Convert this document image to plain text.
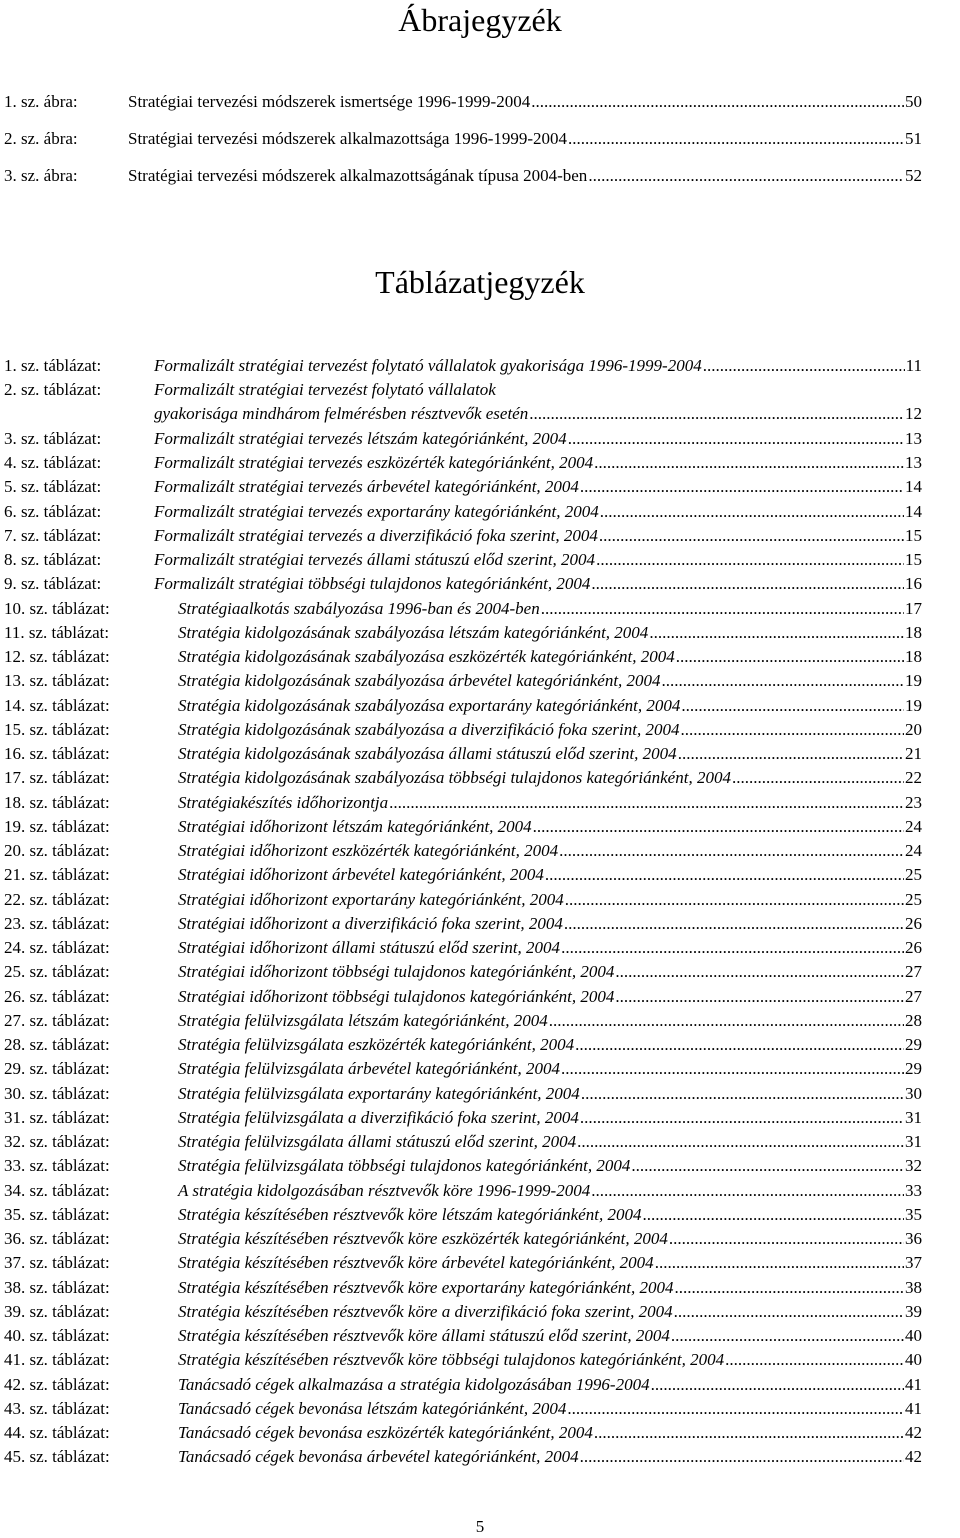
Ábrajegyzék
1. sz. ábra:	Stratégiai tervezési módszerek ismertsége 1996-1999-2004 .....	50
2. sz. ábra:	Stratégiai tervezési módszerek alkalmazottsága 1996-1999-2004 .....	51
3. sz. ábra:	Stratégiai tervezési módszerek alkalmazottságának típusa 2004-ben .....	52
Táblázatjegyzék
1. sz. táblázat:	Formalizált stratégiai tervezést folytató vállalatok gyakorisága 1996-1999-2004 .....	11
2. sz. táblázat:	Formalizált stratégiai tervezést folytató vállalatok
gyakorisága mindhárom felmérésben résztvevők esetén .....	12
3. sz. táblázat:	Formalizált stratégiai tervezés létszám kategóriánként, 2004 .....	13
4. sz. táblázat:	Formalizált stratégiai tervezés eszközérték kategóriánként, 2004 .....	13
5. sz. táblázat:	Formalizált stratégiai tervezés árbevétel kategóriánként, 2004 .....	14
6. sz. táblázat:	Formalizált stratégiai tervezés exportarány kategóriánként, 2004 .....	14
7. sz. táblázat:	Formalizált stratégiai tervezés a diverzifikáció foka szerint, 2004 .....	15
8. sz. táblázat:	Formalizált stratégiai tervezés állami státuszú előd szerint, 2004 .....	15
9. sz. táblázat:	Formalizált stratégiai többségi tulajdonos kategóriánként, 2004 .....	16
10. sz. táblázat:	Stratégiaalkotás szabályozása 1996-ban és 2004-ben .....	17
11. sz. táblázat:	Stratégia kidolgozásának szabályozása létszám kategóriánként, 2004 .....	18
12. sz. táblázat:	Stratégia kidolgozásának szabályozása eszközérték kategóriánként, 2004 .....	18
13. sz. táblázat:	Stratégia kidolgozásának szabályozása árbevétel kategóriánként, 2004 .....	19
14. sz. táblázat:	Stratégia kidolgozásának szabályozása exportarány kategóriánként, 2004 .....	19
15. sz. táblázat:	Stratégia kidolgozásának szabályozása a diverzifikáció foka szerint, 2004 .....	20
16. sz. táblázat:	Stratégia kidolgozásának szabályozása állami státuszú előd szerint, 2004 .....	21
17. sz. táblázat:	Stratégia kidolgozásának szabályozása többségi tulajdonos kategóriánként, 2004 .....	22
18. sz. táblázat:	Stratégiakészítés időhorizontja .....	23
19. sz. táblázat:	Stratégiai időhorizont létszám kategóriánként, 2004 .....	24
20. sz. táblázat:	Stratégiai időhorizont eszközérték kategóriánként, 2004 .....	24
21. sz. táblázat:	Stratégiai időhorizont árbevétel kategóriánként, 2004 .....	25
22. sz. táblázat:	Stratégiai időhorizont exportarány kategóriánként, 2004 .....	25
23. sz. táblázat:	Stratégiai időhorizont a diverzifikáció foka szerint, 2004 .....	26
24. sz. táblázat:	Stratégiai időhorizont állami státuszú előd szerint, 2004 .....	26
25. sz. táblázat:	Stratégiai időhorizont többségi tulajdonos kategóriánként, 2004 .....	27
26. sz. táblázat:	Stratégiai időhorizont többségi tulajdonos kategóriánként, 2004 .....	27
27. sz. táblázat:	Stratégia felülvizsgálata létszám kategóriánként, 2004 .....	28
28. sz. táblázat:	Stratégia felülvizsgálata eszközérték kategóriánként, 2004 .....	29
29. sz. táblázat:	Stratégia felülvizsgálata árbevétel kategóriánként, 2004 .....	29
30. sz. táblázat:	Stratégia felülvizsgálata exportarány kategóriánként, 2004 .....	30
31. sz. táblázat:	Stratégia felülvizsgálata a diverzifikáció foka szerint, 2004 .....	31
32. sz. táblázat:	Stratégia felülvizsgálata állami státuszú előd szerint, 2004 .....	31
33. sz. táblázat:	Stratégia felülvizsgálata többségi tulajdonos kategóriánként, 2004 .....	32
34. sz. táblázat:	A stratégia kidolgozásában résztvevők köre 1996-1999-2004 .....	33
35. sz. táblázat:	Stratégia készítésében résztvevők köre létszám kategóriánként, 2004 .....	35
36. sz. táblázat:	Stratégia készítésében résztvevők köre eszközérték kategóriánként, 2004 .....	36
37. sz. táblázat:	Stratégia készítésében résztvevők köre árbevétel kategóriánként, 2004 .....	37
38. sz. táblázat:	Stratégia készítésében résztvevők köre exportarány kategóriánként, 2004 .....	38
39. sz. táblázat:	Stratégia készítésében résztvevők köre a diverzifikáció foka szerint, 2004 .....	39
40. sz. táblázat:	Stratégia készítésében résztvevők köre állami státuszú előd szerint, 2004 .....	40
41. sz. táblázat:	Stratégia készítésében résztvevők köre többségi tulajdonos kategóriánként, 2004 .....	40
42. sz. táblázat:	Tanácsadó cégek alkalmazása a stratégia kidolgozásában 1996-2004 .....	41
43. sz. táblázat:	Tanácsadó cégek bevonása létszám kategóriánként, 2004 .....	41
44. sz. táblázat:	Tanácsadó cégek bevonása eszközérték kategóriánként, 2004 .....	42
45. sz. táblázat:	Tanácsadó cégek bevonása árbevétel kategóriánként, 2004 .....	42
5
